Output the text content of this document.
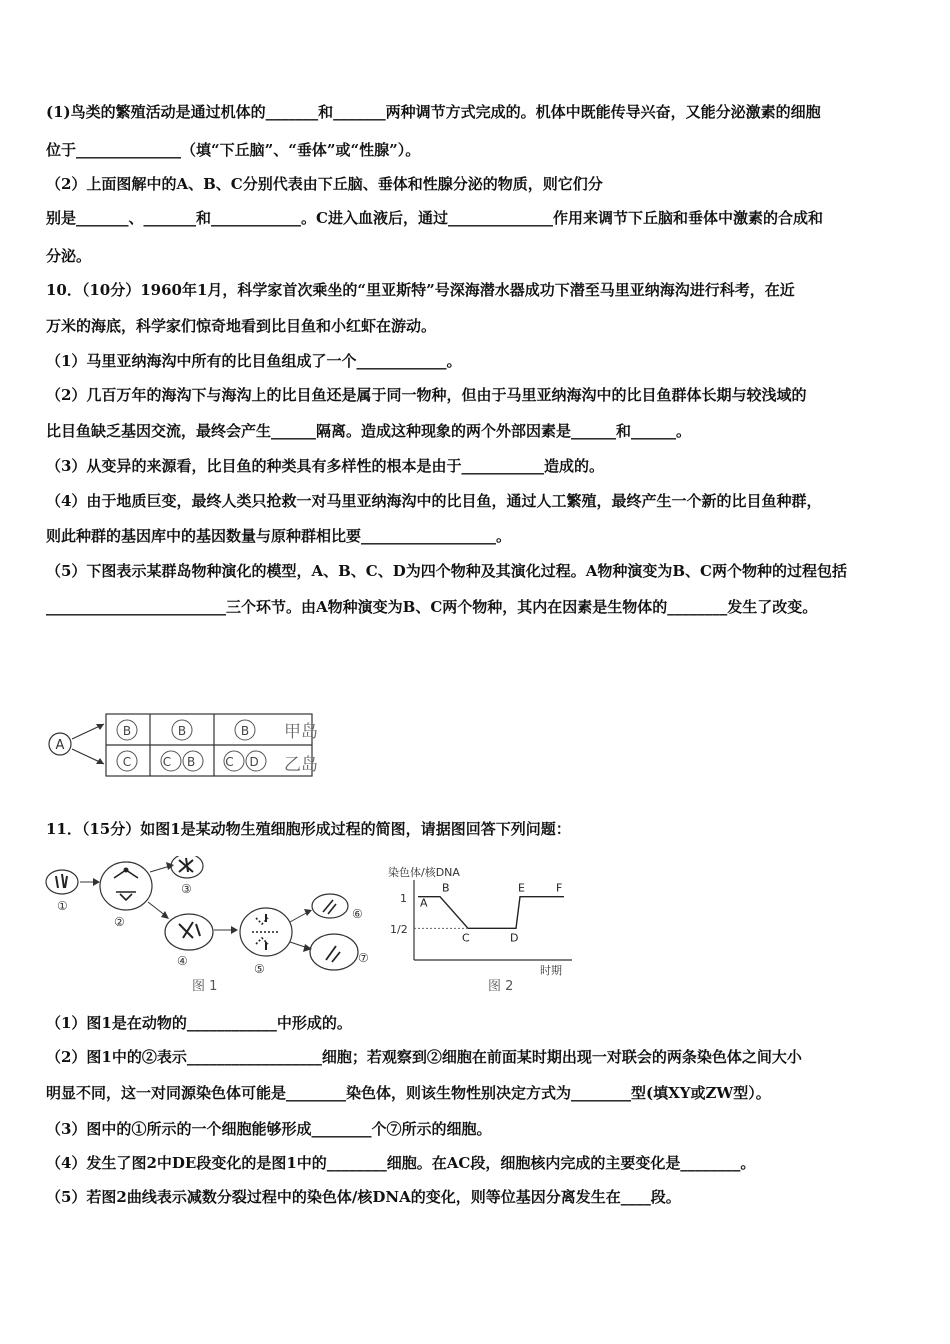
(1)鸟类的繁殖活动是通过机体的_______和_______两种调节方式完成的。机体中既能传导兴奋，又能分泌激素的细胞
位于______________（填“下丘脑”、“垂体”或“性腺”）。
（2）上面图解中的A、B、C分别代表由下丘脑、垂体和性腺分泌的物质，则它们分
别是_______、_______和____________。C进入血液后，通过______________作用来调节下丘脑和垂体中激素的合成和
分泌。
10．（10分）1960年1月，科学家首次乘坐的“里亚斯特”号深海潜水器成功下潜至马里亚纳海沟进行科考，在近
万米的海底，科学家们惊奇地看到比目鱼和小红虾在游动。
（1）马里亚纳海沟中所有的比目鱼组成了一个____________。
（2）几百万年的海沟下与海沟上的比目鱼还是属于同一物种，但由于马里亚纳海沟中的比目鱼群体长期与较浅域的
比目鱼缺乏基因交流，最终会产生______隔离。造成这种现象的两个外部因素是______和______。
（3）从变异的来源看，比目鱼的种类具有多样性的根本是由于___________造成的。
（4）由于地质巨变，最终人类只抢救一对马里亚纳海沟中的比目鱼，通过人工繁殖，最终产生一个新的比目鱼种群，
则此种群的基因库中的基因数量与原种群相比要__________________。
（5）下图表示某群岛物种演化的模型，A、B、C、D为四个物种及其演化过程。A物种演变为B、C两个物种的过程包括
________________________三个环节。由A物种演变为B、C两个物种，其内在因素是生物体的________发生了改变。
A
B	B	B
C	C B C D
甲岛
乙岛
11．（15分）如图1是某动物生殖细胞形成过程的简图，请据图回答下列问题：
①
②
③
④
⑤
⑥
⑦
图 1
染色体/核DNA
时期
1
1/2
A
B
C	D
E	F
图 2
（1）图1是在动物的____________中形成的。
（2）图1中的②表示__________________细胞；若观察到②细胞在前面某时期出现一对联会的两条染色体之间大小
明显不同，这一对同源染色体可能是________染色体，则该生物性别决定方式为________型(填XY或ZW型）。
（3）图中的①所示的一个细胞能够形成________个⑦所示的细胞。
（4）发生了图2中DE段变化的是图1中的________细胞。在AC段，细胞核内完成的主要变化是________。
（5）若图2曲线表示减数分裂过程中的染色体/核DNA的变化，则等位基因分离发生在____段。
